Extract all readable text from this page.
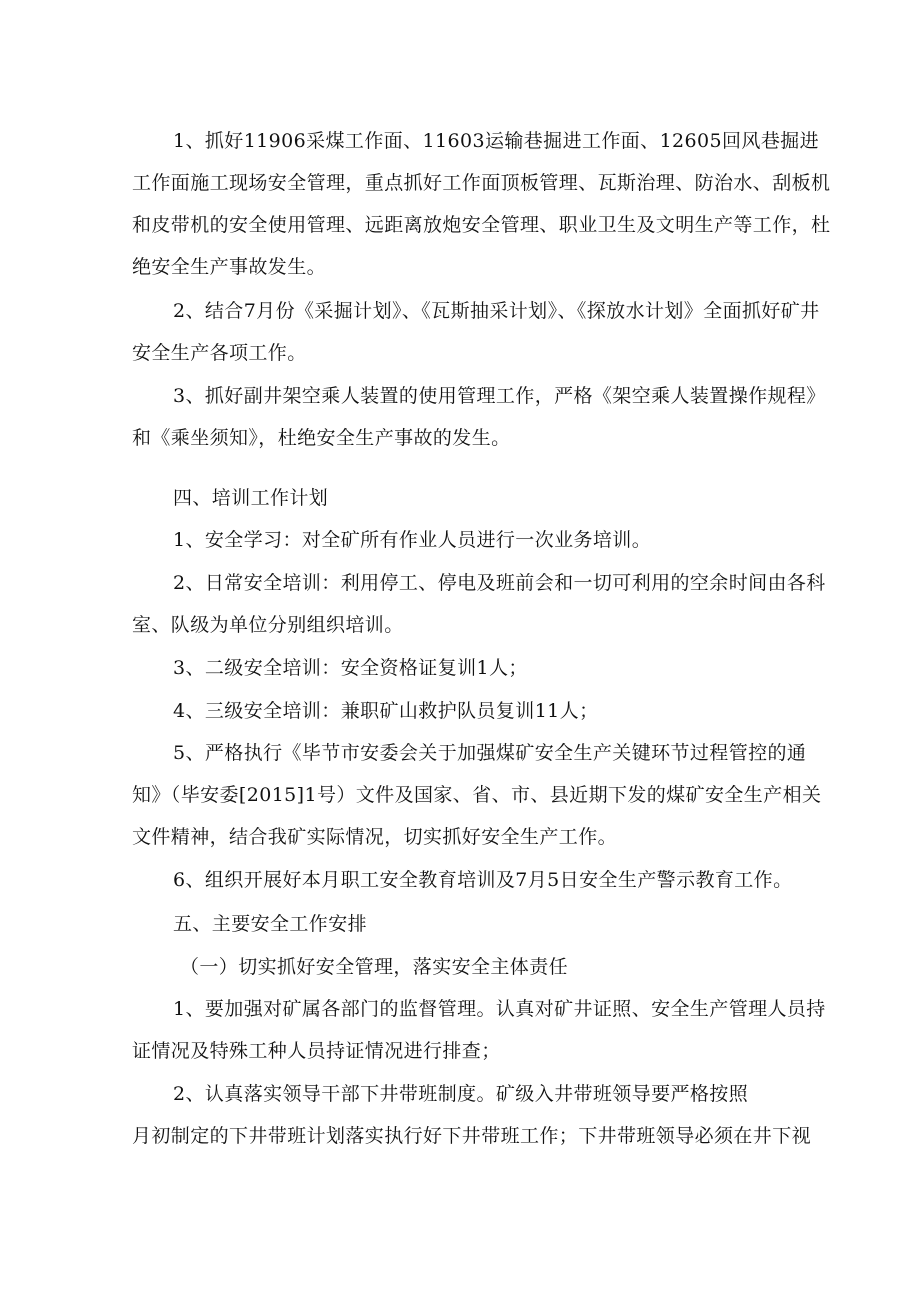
1、抓好11906采煤工作面、11603运输巷掘进工作面、12605回风巷掘进工作面施工现场安全管理，重点抓好工作面顶板管理、瓦斯治理、防治水、刮板机和皮带机的安全使用管理、远距离放炮安全管理、职业卫生及文明生产等工作，杜绝安全生产事故发生。

2、结合7月份《采掘计划》、《瓦斯抽采计划》、《探放水计划》全面抓好矿井安全生产各项工作。

3、抓好副井架空乘人装置的使用管理工作，严格《架空乘人装置操作规程》和《乘坐须知》，杜绝安全生产事故的发生。

四、培训工作计划

1、安全学习：对全矿所有作业人员进行一次业务培训。

2、日常安全培训：利用停工、停电及班前会和一切可利用的空余时间由各科室、队级为单位分别组织培训。

3、二级安全培训：安全资格证复训1人；

4、三级安全培训：兼职矿山救护队员复训11人；

5、严格执行《毕节市安委会关于加强煤矿安全生产关键环节过程管控的通知》（毕安委[2015]1号）文件及国家、省、市、县近期下发的煤矿安全生产相关文件精神，结合我矿实际情况，切实抓好安全生产工作。

6、组织开展好本月职工安全教育培训及7月5日安全生产警示教育工作。

五、主要安全工作安排

（一）切实抓好安全管理，落实安全主体责任

1、要加强对矿属各部门的监督管理。认真对矿井证照、安全生产管理人员持证情况及特殊工种人员持证情况进行排查；

2、认真落实领导干部下井带班制度。矿级入井带班领导要严格按照

月初制定的下井带班计划落实执行好下井带班工作；下井带班领导必须在井下视
